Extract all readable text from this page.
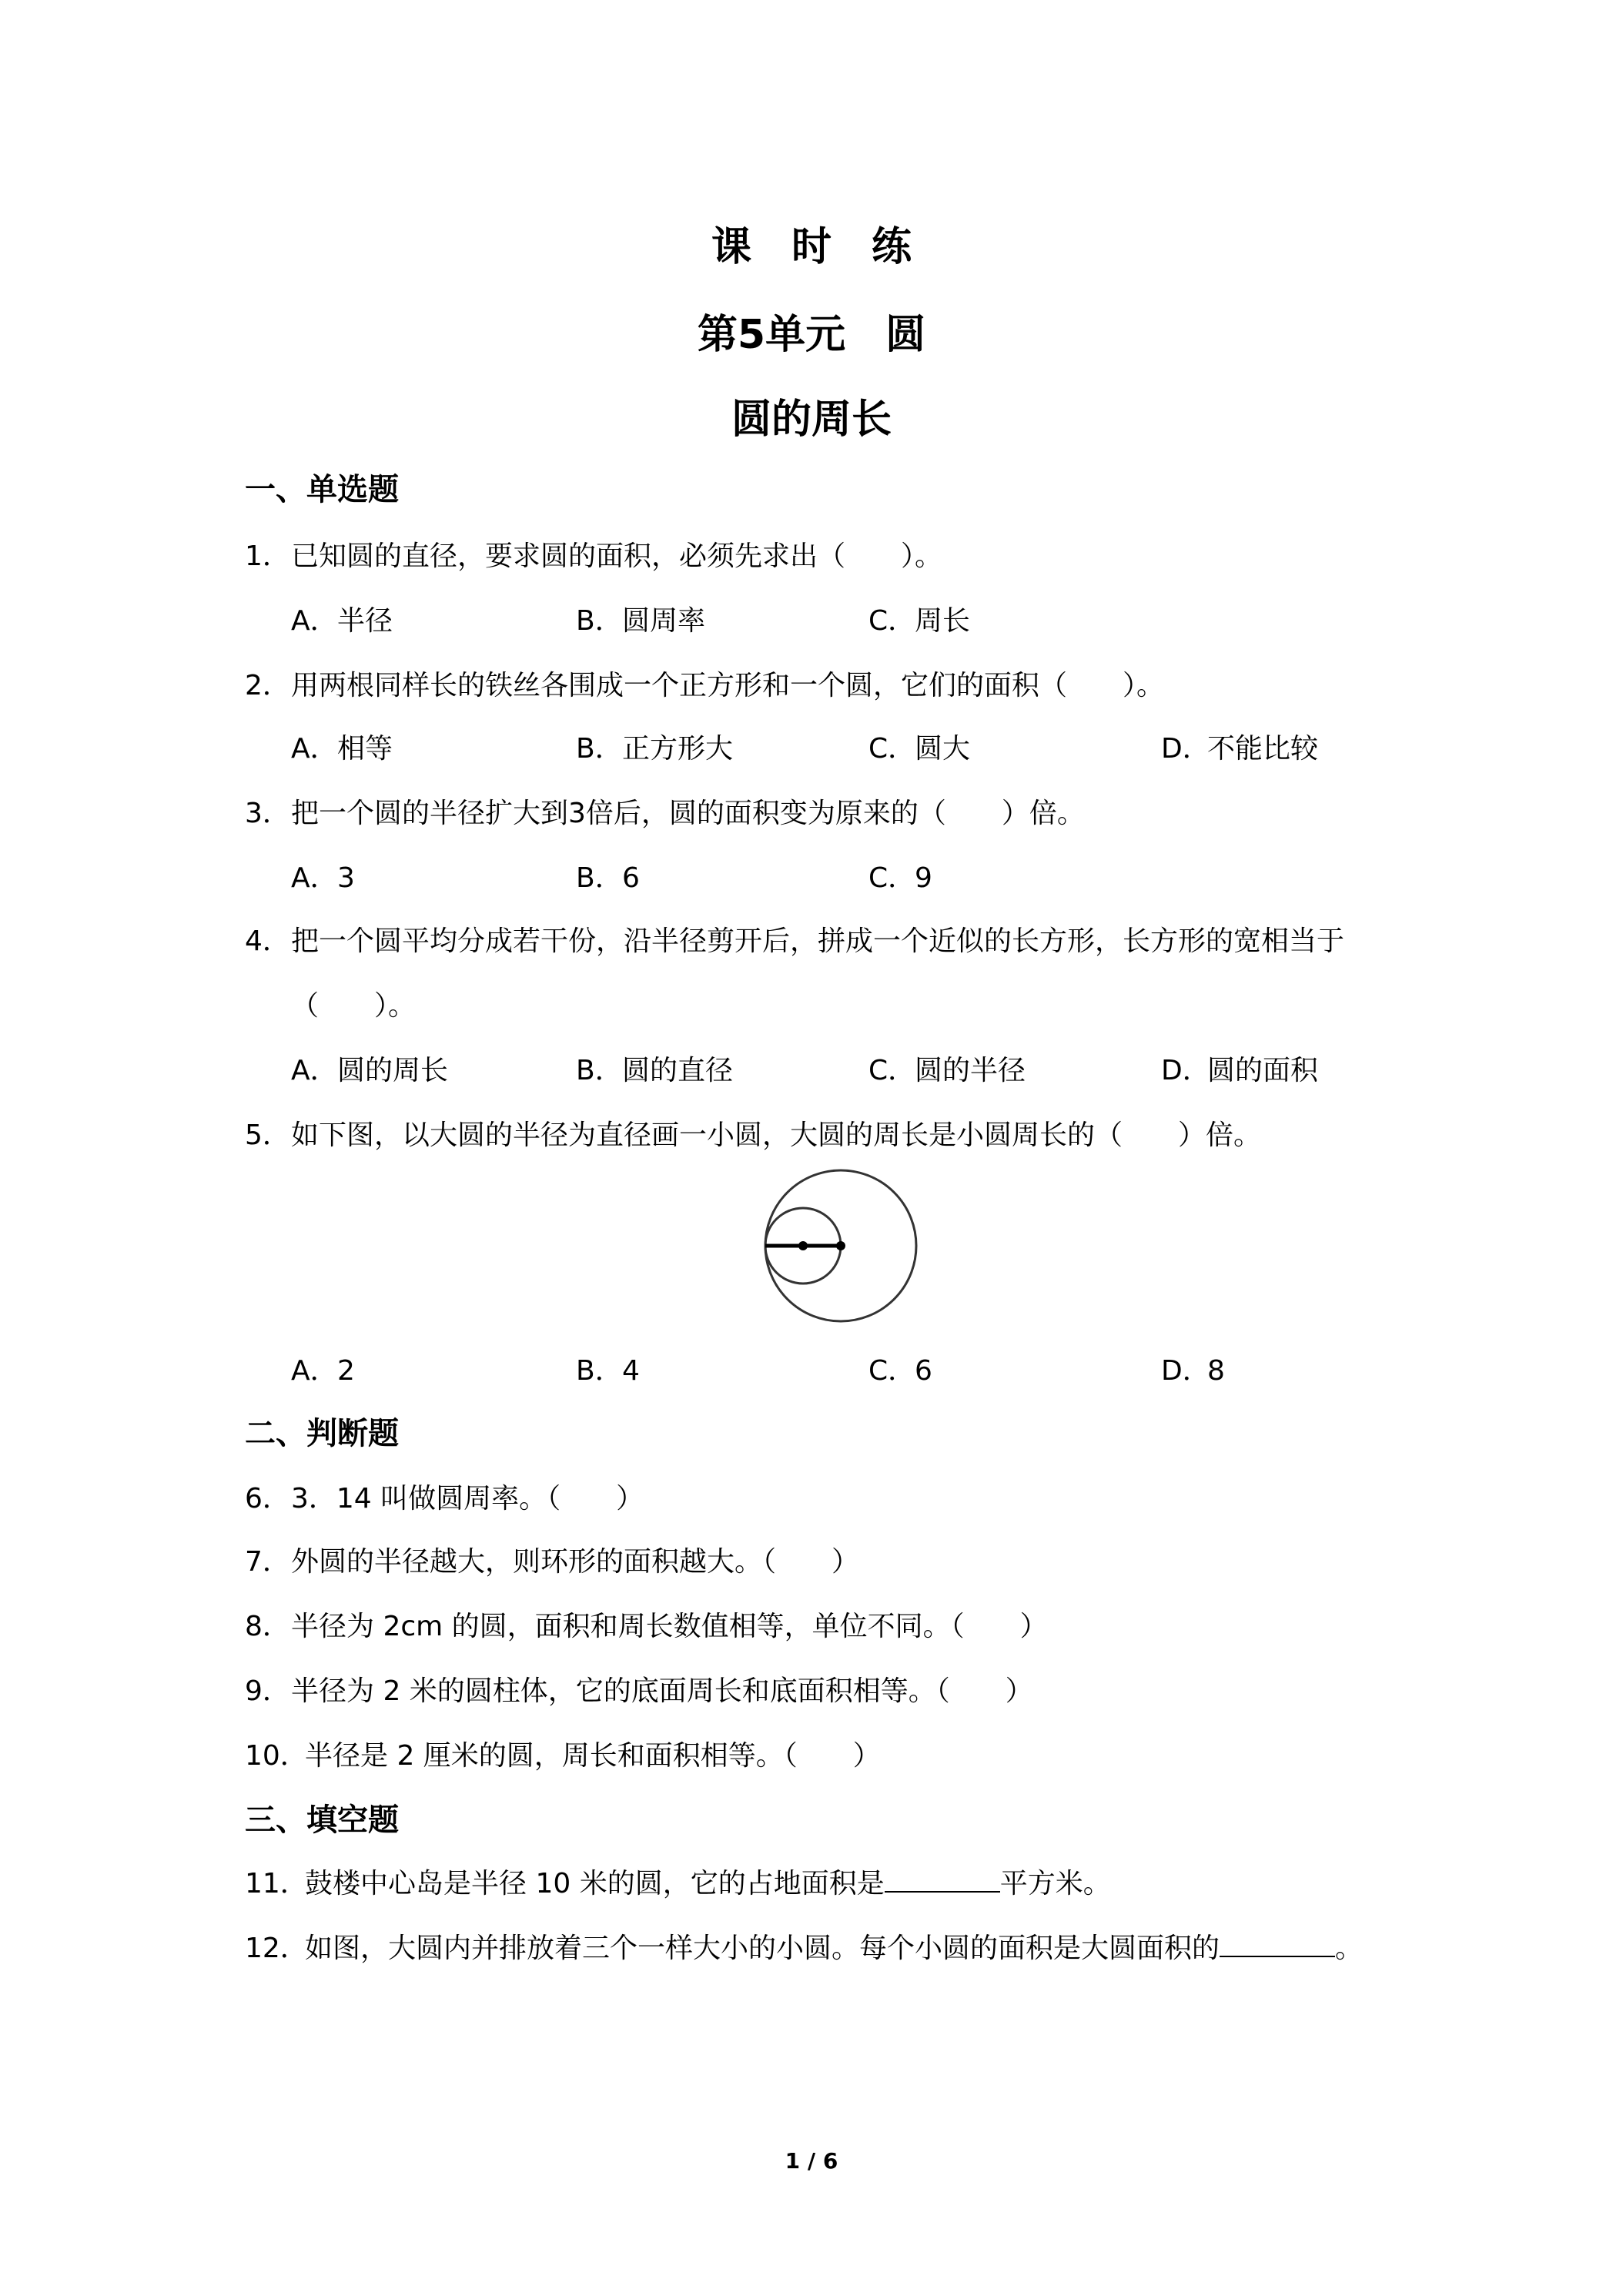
课　时　练
第5单元　圆
圆的周长
一、单选题
1． 已知圆的直径，要求圆的面积，必须先求出（　　）。
A．半径	B．圆周率	C．周长
2． 用两根同样长的铁丝各围成一个正方形和一个圆，它们的面积（　　）。
A．相等	B．正方形大	C．圆大	D．不能比较
3． 把一个圆的半径扩大到3倍后，圆的面积变为原来的（　　）倍。
A．3	B．6	C．9
4． 把一个圆平均分成若干份，沿半径剪开后，拼成一个近似的长方形，长方形的宽相当于
（　　）。
A．圆的周长	B．圆的直径	C．圆的半径	D．圆的面积
5． 如下图，以大圆的半径为直径画一小圆，大圆的周长是小圆周长的（　　）倍。
A．2	B．4	C．6	D．8
二、判断题
6． 3．14 叫做圆周率。（　　）
7． 外圆的半径越大，则环形的面积越大。（　　）
8． 半径为 2cm 的圆，面积和周长数值相等，单位不同。（　　）
9． 半径为 2 米的圆柱体，它的底面周长和底面积相等。（　　）
10．
半径是 2 厘米的圆，周长和面积相等。（　　）
三、填空题
11．
鼓楼中心岛是半径 10 米的圆，它的占地面积是	平方米。
12．
如图，大圆内并排放着三个一样大小的小圆。每个小圆的面积是大圆面积的	。
1 / 6
